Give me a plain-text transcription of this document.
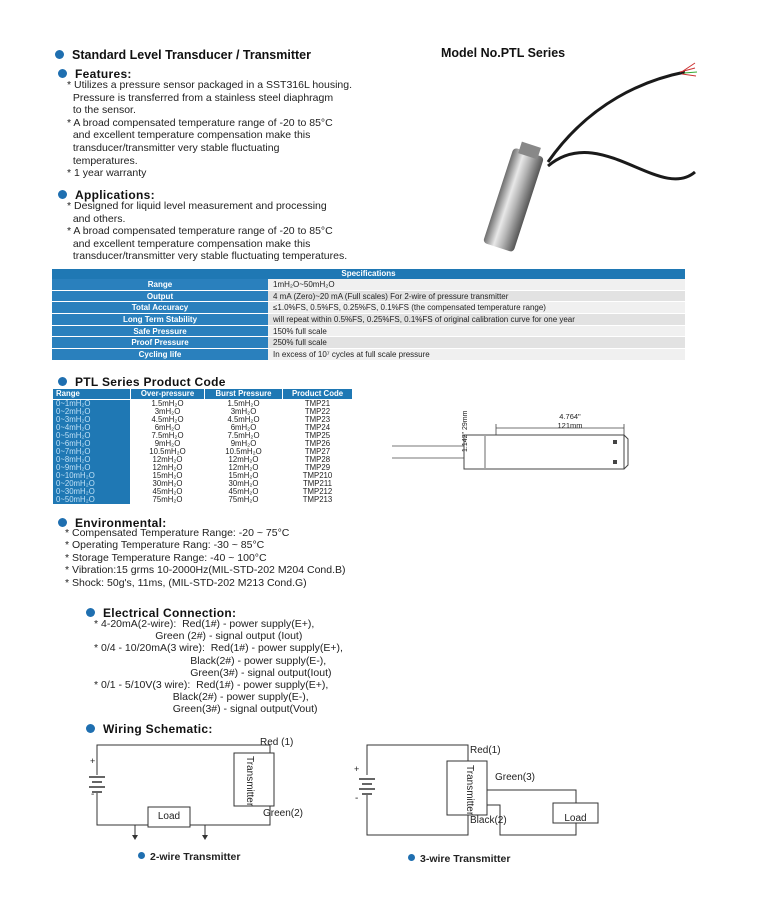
Standard Level Transducer / Transmitter	Model No.PTL Series
Features:
* Utilizes a pressure sensor packaged in a SST316L housing.
Pressure is transferred from a stainless steel diaphragm
to the sensor.
* A broad compensated temperature range of -20 to 85°C
and excellent temperature compensation make this
transducer/transmitter very stable fluctuating
temperatures.
* 1 year warranty
Applications:
* Designed for liquid level measurement and processing
and others.
* A broad compensated temperature range of -20 to 85°C
and excellent temperature compensation make this
transducer/transmitter very stable fluctuating temperatures.
Specifications
Range	1mH₂O~50mH₂O
Output	4 mA (Zero)~20 mA (Full scales) For 2-wire of pressure transmitter
Total Accuracy	≤1.0%FS, 0.5%FS, 0.25%FS, 0.1%FS (the compensated temperature range)
Long Term Stability	will repeat within 0.5%FS, 0.25%FS, 0.1%FS of original calibration curve for one year
Safe Pressure	150% full scale
Proof Pressure	250% full scale
Cycling life	In excess of 10⁷ cycles at full scale pressure
PTL Series Product Code
Range	Over-pressure	Burst Pressure	Product Code
0~1mH₂O	1.5mH₂O	1.5mH₂O	TMP21
0~2mH₂O	3mH₂O	3mH₂O	TMP22
0~3mH₂O	4.5mH₂O	4.5mH₂O	TMP23
0~4mH₂O	6mH₂O	6mH₂O	TMP24
0~5mH₂O	7.5mH₂O	7.5mH₂O	TMP25
0~6mH₂O	9mH₂O	9mH₂O	TMP26
0~7mH₂O	10.5mH₂O	10.5mH₂O	TMP27
0~8mH₂O	12mH₂O	12mH₂O	TMP28
0~9mH₂O	12mH₂O	12mH₂O	TMP29
0~10mH₂O	15mH₂O	15mH₂O	TMP210
0~20mH₂O	30mH₂O	30mH₂O	TMP211
0~30mH₂O	45mH₂O	45mH₂O	TMP212
0~50mH₂O	75mH₂O	75mH₂O	TMP213
4.764"
121mm
1.142" 29mm
Environmental:
* Compensated Temperature Range: -20 ~ 75°C
* Operating Temperature Rang: -30 ~ 85°C
* Storage Temperature Range: -40 ~ 100°C
* Vibration:15 grms 10-2000Hz(MIL-STD-202 M204 Cond.B)
* Shock: 50g's, 11ms, (MIL-STD-202 M213 Cond.G)
Electrical Connection:
* 4-20mA(2-wire):  Red(1#) - power supply(E+),
Green (2#) - signal output (Iout)
* 0/4 - 10/20mA(3 wire):  Red(1#) - power supply(E+),
Black(2#) - power supply(E-),
Green(3#) - signal output(Iout)
* 0/1 - 5/10V(3 wire):  Red(1#) - power supply(E+),
Black(2#) - power supply(E-),
Green(3#) - signal output(Vout)
Wiring Schematic:
+
-
Red (1)
Green(2)
Load
Transmitter
2-wire Transmitter
+
-
Red(1)
Green(3)
Black(2)	Load
Transmitter
3-wire Transmitter
